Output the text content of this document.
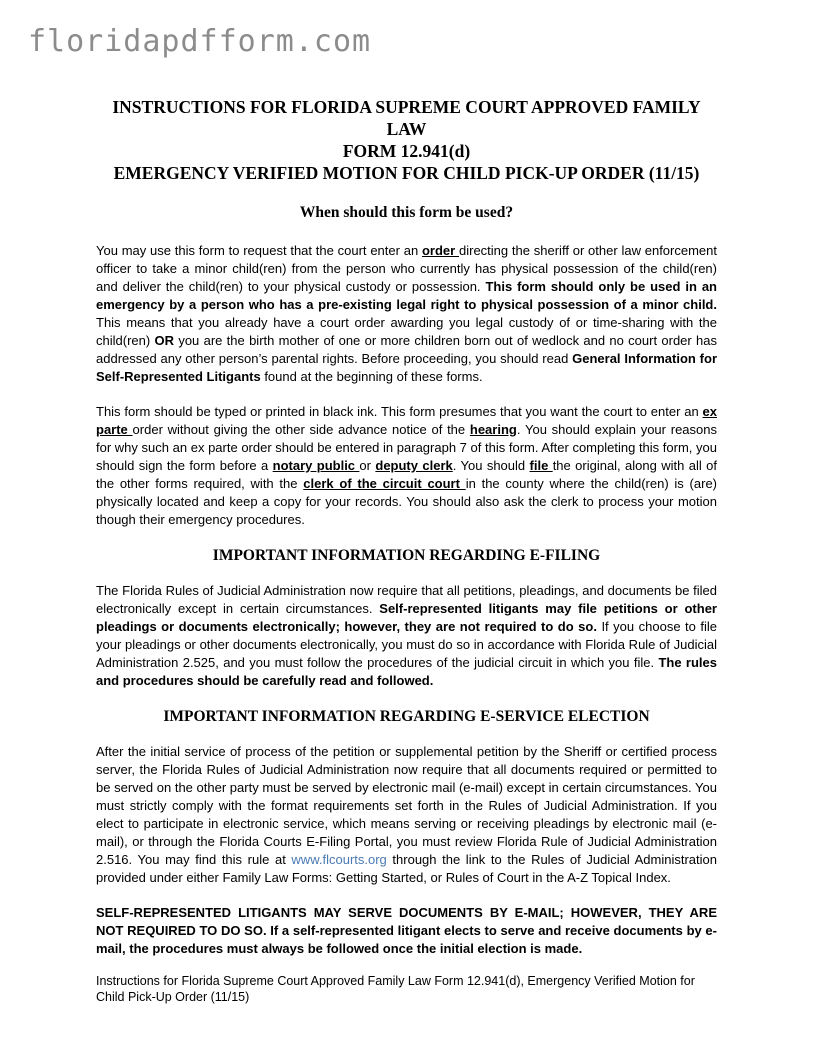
floridapdfform.com

INSTRUCTIONS FOR FLORIDA SUPREME COURT APPROVED FAMILY LAW

FORM 12.941(d)

EMERGENCY VERIFIED MOTION FOR CHILD PICK-UP ORDER (11/15)

When should this form be used?

You may use this form to request that the court enter an order directing the sheriff or other law enforcement officer to take a minor child(ren) from the person who currently has physical possession of the child(ren) and deliver the child(ren) to your physical custody or possession. This form should only be used in an emergency by a person who has a pre-existing legal right to physical possession of a minor child. This means that you already have a court order awarding you legal custody of or time-sharing with the child(ren) OR you are the birth mother of one or more children born out of wedlock and no court order has addressed any other person’s parental rights. Before proceeding, you should read General Information for Self-Represented Litigants found at the beginning of these forms.

This form should be typed or printed in black ink. This form presumes that you want the court to enter an ex parte order without giving the other side advance notice of the hearing. You should explain your reasons for why such an ex parte order should be entered in paragraph 7 of this form. After completing this form, you should sign the form before a notary public or deputy clerk. You should file the original, along with all of the other forms required, with the clerk of the circuit court in the county where the child(ren) is (are) physically located and keep a copy for your records. You should also ask the clerk to process your motion though their emergency procedures.

IMPORTANT INFORMATION REGARDING E-FILING

The Florida Rules of Judicial Administration now require that all petitions, pleadings, and documents be filed electronically except in certain circumstances. Self-represented litigants may file petitions or other pleadings or documents electronically; however, they are not required to do so. If you choose to file your pleadings or other documents electronically, you must do so in accordance with Florida Rule of Judicial Administration 2.525, and you must follow the procedures of the judicial circuit in which you file. The rules and procedures should be carefully read and followed.

IMPORTANT INFORMATION REGARDING E-SERVICE ELECTION

After the initial service of process of the petition or supplemental petition by the Sheriff or certified process server, the Florida Rules of Judicial Administration now require that all documents required or permitted to be served on the other party must be served by electronic mail (e-mail) except in certain circumstances. You must strictly comply with the format requirements set forth in the Rules of Judicial Administration. If you elect to participate in electronic service, which means serving or receiving pleadings by electronic mail (e-mail), or through the Florida Courts E-Filing Portal, you must review Florida Rule of Judicial Administration 2.516. You may find this rule at www.flcourts.org through the link to the Rules of Judicial Administration provided under either Family Law Forms: Getting Started, or Rules of Court in the A-Z Topical Index.

SELF-REPRESENTED LITIGANTS MAY SERVE DOCUMENTS BY E-MAIL; HOWEVER, THEY ARE NOT REQUIRED TO DO SO. If a self-represented litigant elects to serve and receive documents by e-mail, the procedures must always be followed once the initial election is made.

Instructions for Florida Supreme Court Approved Family Law Form 12.941(d), Emergency Verified Motion for Child Pick-Up Order (11/15)
